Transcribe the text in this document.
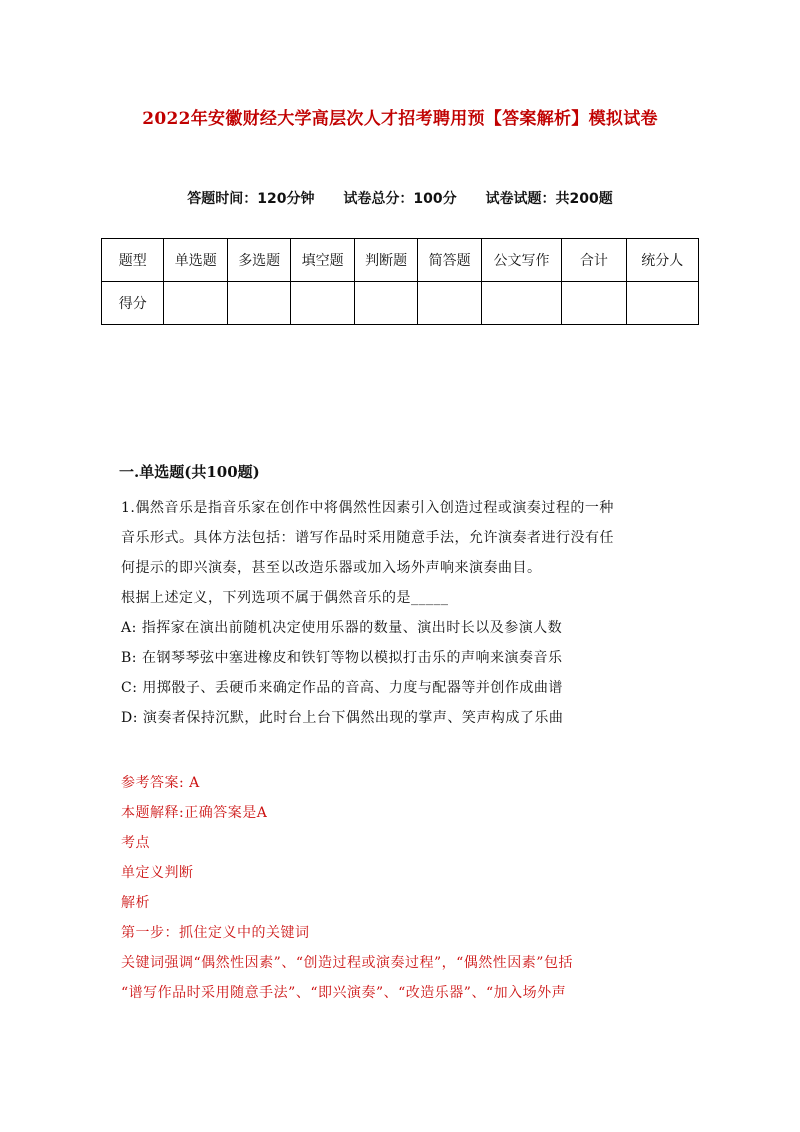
2022年安徽财经大学高层次人才招考聘用预【答案解析】模拟试卷
答题时间：120分钟 试卷总分：100分 试卷试题：共200题
题型	单选题	多选题	填空题	判断题	简答题	公文写作	合计	统分人
得分								
一.单选题(共100题)
1.偶然音乐是指音乐家在创作中将偶然性因素引入创造过程或演奏过程的一种
音乐形式。具体方法包括：谱写作品时采用随意手法，允许演奏者进行没有任
何提示的即兴演奏，甚至以改造乐器或加入场外声响来演奏曲目。
根据上述定义，下列选项不属于偶然音乐的是_____
A: 指挥家在演出前随机决定使用乐器的数量、演出时长以及参演人数
B: 在钢琴琴弦中塞进橡皮和铁钉等物以模拟打击乐的声响来演奏音乐
C: 用掷骰子、丢硬币来确定作品的音高、力度与配器等并创作成曲谱
D: 演奏者保持沉默，此时台上台下偶然出现的掌声、笑声构成了乐曲
参考答案: A
本题解释:正确答案是A
考点
单定义判断
解析
第一步：抓住定义中的关键词
关键词强调“偶然性因素”、“创造过程或演奏过程”，“偶然性因素”包括
“谱写作品时采用随意手法”、“即兴演奏”、“改造乐器”、“加入场外声
